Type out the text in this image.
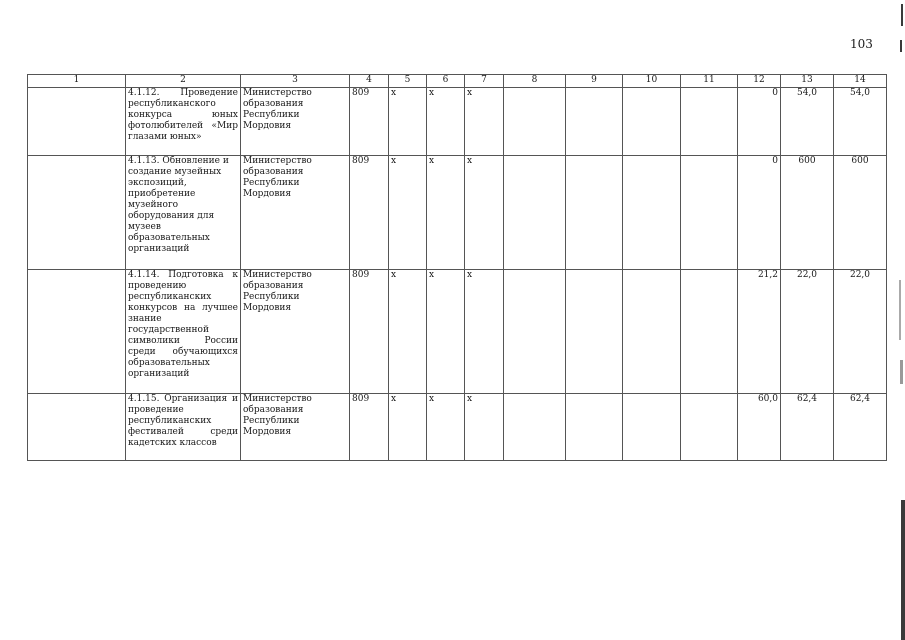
103
1	2	3	4	5	6	7	8	9	10	11	12	13	14
	4.1.12. Проведение республиканского конкурса юных фотолюбителей «Мир глазами юных»	Министерство образования Республики Мордовия	809	х	х	х					0	54,0	54,0
	4.1.13. Обновление и создание музейных экспозиций, приобретение музейного оборудования для музеев образовательных организаций	Министерство образования Республики Мордовия	809	х	х	х					0	600	600
	4.1.14. Подготовка к проведению республиканских конкурсов на лучшее знание государственной символики России среди обучающихся образовательных организаций	Министерство образования Республики Мордовия	809	х	х	х					21,2	22,0	22,0
	4.1.15. Организация и проведение республиканских фестивалей среди кадетских классов	Министерство образования Республики Мордовия	809	х	х	х					60,0	62,4	62,4
